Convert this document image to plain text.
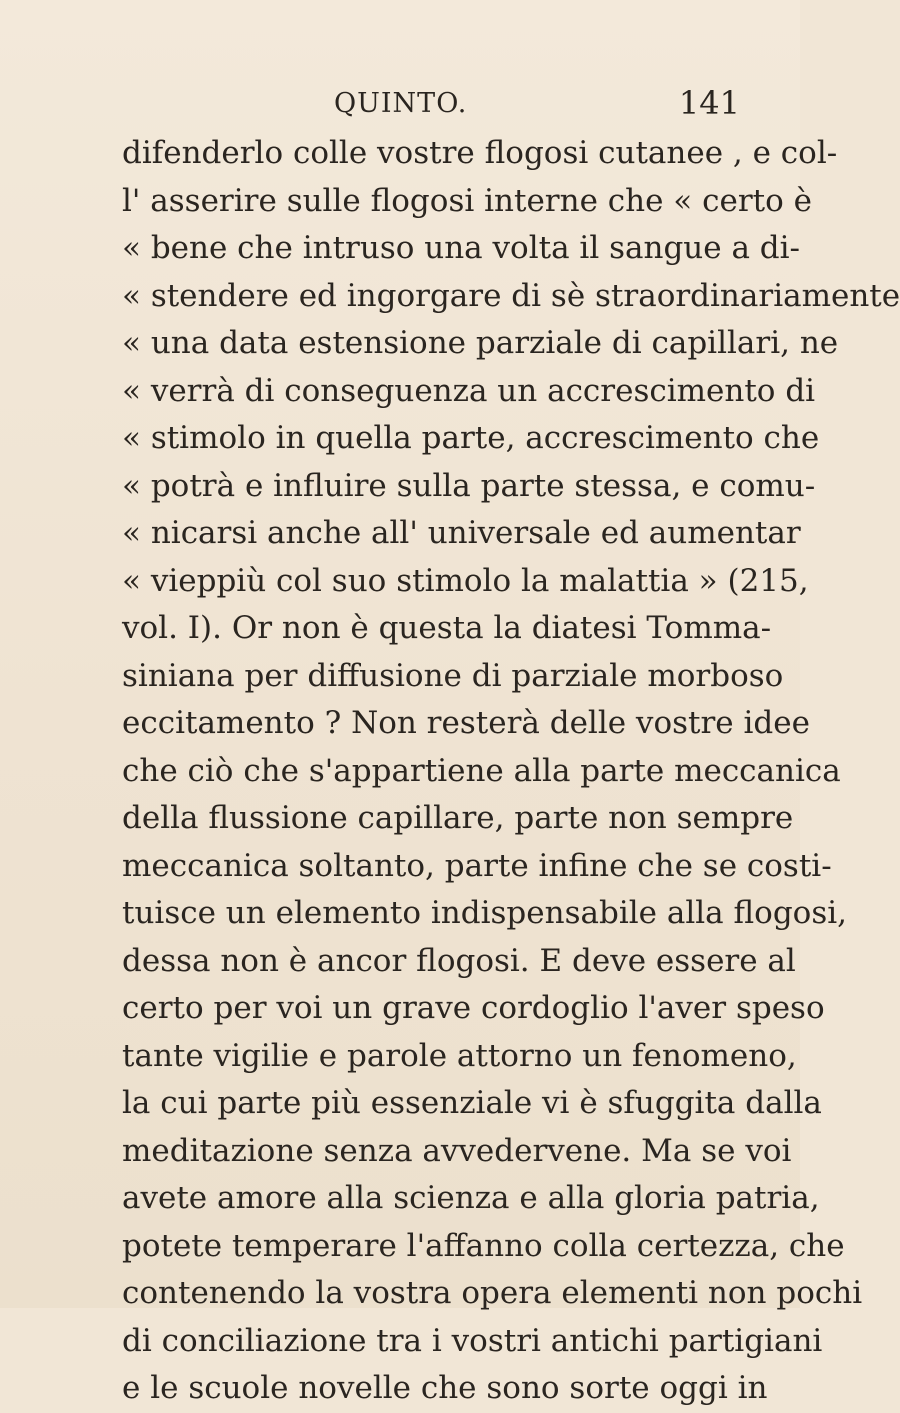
QUINTO.	141
difenderlo colle vostre flogosi cutanee , e col-
l' asserire sulle flogosi interne che « certo è
« bene che intruso una volta il sangue a di-
« stendere ed ingorgare di sè straordinariamente
« una data estensione parziale di capillari, ne
« verrà di conseguenza un accrescimento di
« stimolo in quella parte, accrescimento che
« potrà e influire sulla parte stessa, e comu-
« nicarsi anche all' universale ed aumentar
« vieppiù col suo stimolo la malattia » (215,
vol. I). Or non è questa la diatesi Tomma-
siniana per diffusione di parziale morboso
eccitamento ? Non resterà delle vostre idee
che ciò che s'appartiene alla parte meccanica
della flussione capillare, parte non sempre
meccanica soltanto, parte infine che se costi-
tuisce un elemento indispensabile alla flogosi,
dessa non è ancor flogosi. E deve essere al
certo per voi un grave cordoglio l'aver speso
tante vigilie e parole attorno un fenomeno,
la cui parte più essenziale vi è sfuggita dalla
meditazione senza avvedervene. Ma se voi
avete amore alla scienza e alla gloria patria,
potete temperare l'affanno colla certezza, che
contenendo la vostra opera elementi non pochi
di conciliazione tra i vostri antichi partigiani
e le scuole novelle che sono sorte oggi in
